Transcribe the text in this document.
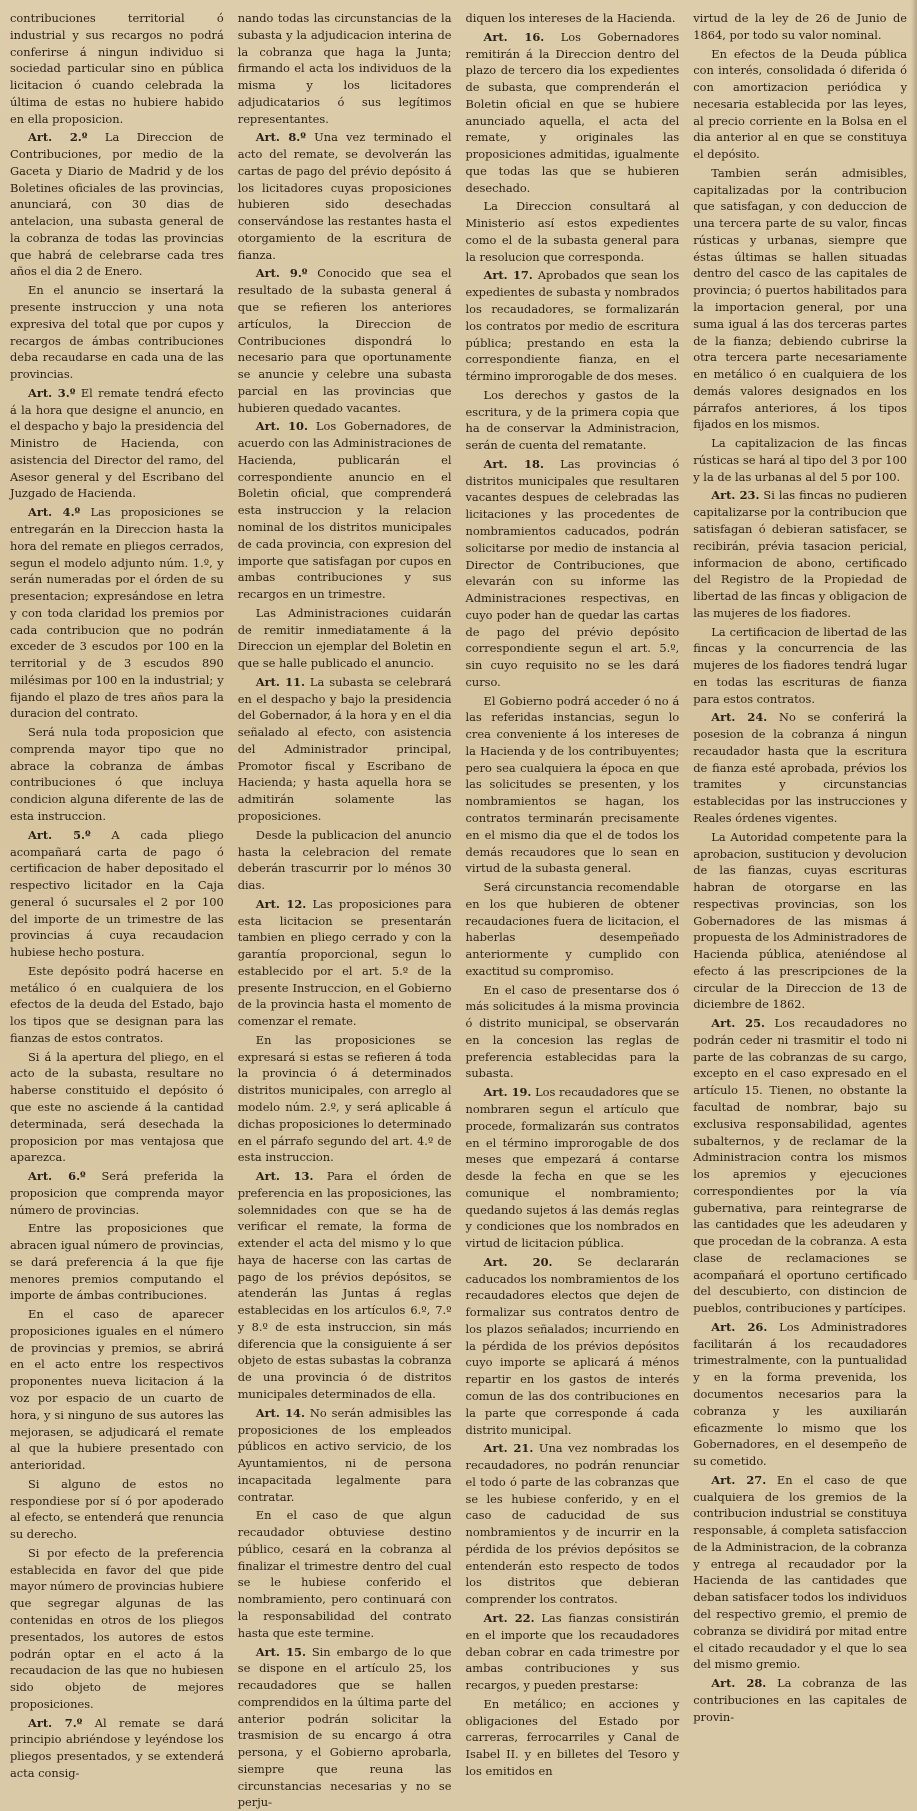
contribuciones territorial ó industrial y sus recargos no podrá conferirse á ningun individuo si sociedad particular sino en pública licitacion ó cuando celebrada la última de estas no hubiere habido en ella proposicion.

Art. 2.º La Direccion de Contribuciones, por medio de la Gaceta y Diario de Madrid y de los Boletines oficiales de las provincias, anunciará, con 30 dias de antelacion, una subasta general de la cobranza de todas las provincias que habrá de celebrarse cada tres años el dia 2 de Enero.

En el anuncio se insertará la presente instruccion y una nota expresiva del total que por cupos y recargos de ámbas contribuciones deba recaudarse en cada una de las provincias.

Art. 3.º El remate tendrá efecto á la hora que designe el anuncio, en el despacho y bajo la presidencia del Ministro de Hacienda, con asistencia del Director del ramo, del Asesor general y del Escribano del Juzgado de Hacienda.

Art. 4.º Las proposiciones se entregarán en la Direccion hasta la hora del remate en pliegos cerrados, segun el modelo adjunto núm. 1.º, y serán numeradas por el órden de su presentacion; expresándose en letra y con toda claridad los premios por cada contribucion que no podrán exceder de 3 escudos por 100 en la territorial y de 3 escudos 890 milésimas por 100 en la industrial; y fijando el plazo de tres años para la duracion del contrato.

Será nula toda proposicion que comprenda mayor tipo que no abrace la cobranza de ámbas contribuciones ó que incluya condicion alguna diferente de las de esta instruccion.

Art. 5.º A cada pliego acompañará carta de pago ó certificacion de haber depositado el respectivo licitador en la Caja general ó sucursales el 2 por 100 del importe de un trimestre de las provincias á cuya recaudacion hubiese hecho postura.

Este depósito podrá hacerse en metálico ó en cualquiera de los efectos de la deuda del Estado, bajo los tipos que se designan para las fianzas de estos contratos.

Si á la apertura del pliego, en el acto de la subasta, resultare no haberse constituido el depósito ó que este no asciende á la cantidad determinada, será desechada la proposicion por mas ventajosa que aparezca.

Art. 6.º Será preferida la proposicion que comprenda mayor número de provincias.

Entre las proposiciones que abracen igual número de provincias, se dará preferencia á la que fije menores premios computando el importe de ámbas contribuciones.

En el caso de aparecer proposiciones iguales en el número de provincias y premios, se abrirá en el acto entre los respectivos proponentes nueva licitacion á la voz por espacio de un cuarto de hora, y si ninguno de sus autores las mejorasen, se adjudicará el remate al que la hubiere presentado con anterioridad.

Si alguno de estos no respondiese por sí ó por apoderado al efecto, se entenderá que renuncia su derecho.

Si por efecto de la preferencia establecida en favor del que pide mayor número de provincias hubiere que segregar algunas de las contenidas en otros de los pliegos presentados, los autores de estos podrán optar en el acto á la recaudacion de las que no hubiesen sido objeto de mejores proposiciones.

Art. 7.º Al remate se dará principio abriéndose y leyéndose los pliegos presentados, y se extenderá acta consig-

nando todas las circunstancias de la subasta y la adjudicacion interina de la cobranza que haga la Junta; firmando el acta los individuos de la misma y los licitadores adjudicatarios ó sus legítimos representantes.

Art. 8.º Una vez terminado el acto del remate, se devolverán las cartas de pago del prévio depósito á los licitadores cuyas proposiciones hubieren sido desechadas conservándose las restantes hasta el otorgamiento de la escritura de fianza.

Art. 9.º Conocido que sea el resultado de la subasta general á que se refieren los anteriores artículos, la Direccion de Contribuciones dispondrá lo necesario para que oportunamente se anuncie y celebre una subasta parcial en las provincias que hubieren quedado vacantes.

Art. 10. Los Gobernadores, de acuerdo con las Administraciones de Hacienda, publicarán el correspondiente anuncio en el Boletin oficial, que comprenderá esta instruccion y la relacion nominal de los distritos municipales de cada provincia, con expresion del importe que satisfagan por cupos en ambas contribuciones y sus recargos en un trimestre.

Las Administraciones cuidarán de remitir inmediatamente á la Direccion un ejemplar del Boletin en que se halle publicado el anuncio.

Art. 11. La subasta se celebrará en el despacho y bajo la presidencia del Gobernador, á la hora y en el dia señalado al efecto, con asistencia del Administrador principal, Promotor fiscal y Escribano de Hacienda; y hasta aquella hora se admitirán solamente las proposiciones.

Desde la publicacion del anuncio hasta la celebracion del remate deberán trascurrir por lo ménos 30 dias.

Art. 12. Las proposiciones para esta licitacion se presentarán tambien en pliego cerrado y con la garantía proporcional, segun lo establecido por el art. 5.º de la presente Instruccion, en el Gobierno de la provincia hasta el momento de comenzar el remate.

En las proposiciones se expresará si estas se refieren á toda la provincia ó á determinados distritos municipales, con arreglo al modelo núm. 2.º, y será aplicable á dichas proposiciones lo determinado en el párrafo segundo del art. 4.º de esta instruccion.

Art. 13. Para el órden de preferencia en las proposiciones, las solemnidades con que se ha de verificar el remate, la forma de extender el acta del mismo y lo que haya de hacerse con las cartas de pago de los prévios depósitos, se atenderán las Juntas á reglas establecidas en los artículos 6.º, 7.º y 8.º de esta instruccion, sin más diferencia que la consiguiente á ser objeto de estas subastas la cobranza de una provincia ó de distritos municipales determinados de ella.

Art. 14. No serán admisibles las proposiciones de los empleados públicos en activo servicio, de los Ayuntamientos, ni de persona incapacitada legalmente para contratar.

En el caso de que algun recaudador obtuviese destino público, cesará en la cobranza al finalizar el trimestre dentro del cual se le hubiese conferido el nombramiento, pero continuará con la responsabilidad del contrato hasta que este termine.

Art. 15. Sin embargo de lo que se dispone en el artículo 25, los recaudadores que se hallen comprendidos en la última parte del anterior podrán solicitar la trasmision de su encargo á otra persona, y el Gobierno aprobarla, siempre que reuna las circunstancias necesarias y no se perju-

diquen los intereses de la Hacienda.

Art. 16. Los Gobernadores remitirán á la Direccion dentro del plazo de tercero dia los expedientes de subasta, que comprenderán el Boletin oficial en que se hubiere anunciado aquella, el acta del remate, y originales las proposiciones admitidas, igualmente que todas las que se hubieren desechado.

La Direccion consultará al Ministerio así estos expedientes como el de la subasta general para la resolucion que corresponda.

Art. 17. Aprobados que sean los expedientes de subasta y nombrados los recaudadores, se formalizarán los contratos por medio de escritura pública; prestando en esta la correspondiente fianza, en el término improrogable de dos meses.

Los derechos y gastos de la escritura, y de la primera copia que ha de conservar la Administracion, serán de cuenta del rematante.

Art. 18. Las provincias ó distritos municipales que resultaren vacantes despues de celebradas las licitaciones y las procedentes de nombramientos caducados, podrán solicitarse por medio de instancia al Director de Contribuciones, que elevarán con su informe las Administraciones respectivas, en cuyo poder han de quedar las cartas de pago del prévio depósito correspondiente segun el art. 5.º, sin cuyo requisito no se les dará curso.

El Gobierno podrá acceder ó no á las referidas instancias, segun lo crea conveniente á los intereses de la Hacienda y de los contribuyentes; pero sea cualquiera la época en que las solicitudes se presenten, y los nombramientos se hagan, los contratos terminarán precisamente en el mismo dia que el de todos los demás recaudores que lo sean en virtud de la subasta general.

Será circunstancia recomendable en los que hubieren de obtener recaudaciones fuera de licitacion, el haberlas desempeñado anteriormente y cumplido con exactitud su compromiso.

En el caso de presentarse dos ó más solicitudes á la misma provincia ó distrito municipal, se observarán en la concesion las reglas de preferencia establecidas para la subasta.

Art. 19. Los recaudadores que se nombraren segun el artículo que procede, formalizarán sus contratos en el término improrogable de dos meses que empezará á contarse desde la fecha en que se les comunique el nombramiento; quedando sujetos á las demás reglas y condiciones que los nombrados en virtud de licitacion pública.

Art. 20. Se declararán caducados los nombramientos de los recaudadores electos que dejen de formalizar sus contratos dentro de los plazos señalados; incurriendo en la pérdida de los prévios depósitos cuyo importe se aplicará á ménos repartir en los gastos de interés comun de las dos contribuciones en la parte que corresponde á cada distrito municipal.

Art. 21. Una vez nombradas los recaudadores, no podrán renunciar el todo ó parte de las cobranzas que se les hubiese conferido, y en el caso de caducidad de sus nombramientos y de incurrir en la pérdida de los prévios depósitos se entenderán esto respecto de todos los distritos que debieran comprender los contratos.

Art. 22. Las fianzas consistirán en el importe que los recaudadores deban cobrar en cada trimestre por ambas contribuciones y sus recargos, y pueden prestarse:

En metálico; en acciones y obligaciones del Estado por carreras, ferrocarriles y Canal de Isabel II. y en billetes del Tesoro y los emitidos en

virtud de la ley de 26 de Junio de 1864, por todo su valor nominal.

En efectos de la Deuda pública con interés, consolidada ó diferida ó con amortizacion periódica y necesaria establecida por las leyes, al precio corriente en la Bolsa en el dia anterior al en que se constituya el depósito.

Tambien serán admisibles, capitalizadas por la contribucion que satisfagan, y con deduccion de una tercera parte de su valor, fincas rústicas y urbanas, siempre que éstas últimas se hallen situadas dentro del casco de las capitales de provincia; ó puertos habilitados para la importacion general, por una suma igual á las dos terceras partes de la fianza; debiendo cubrirse la otra tercera parte necesariamente en metálico ó en cualquiera de los demás valores designados en los párrafos anteriores, á los tipos fijados en los mismos.

La capitalizacion de las fincas rústicas se hará al tipo del 3 por 100 y la de las urbanas al del 5 por 100.

Art. 23. Si las fincas no pudieren capitalizarse por la contribucion que satisfagan ó debieran satisfacer, se recibirán, prévia tasacion pericial, informacion de abono, certificado del Registro de la Propiedad de libertad de las fincas y obligacion de las mujeres de los fiadores.

La certificacion de libertad de las fincas y la concurrencia de las mujeres de los fiadores tendrá lugar en todas las escrituras de fianza para estos contratos.

Art. 24. No se conferirá la posesion de la cobranza á ningun recaudador hasta que la escritura de fianza esté aprobada, prévios los tramites y circunstancias establecidas por las instrucciones y Reales órdenes vigentes.

La Autoridad competente para la aprobacion, sustitucion y devolucion de las fianzas, cuyas escrituras habran de otorgarse en las respectivas provincias, son los Gobernadores de las mismas á propuesta de los Administradores de Hacienda pública, ateniéndose al efecto á las prescripciones de la circular de la Direccion de 13 de diciembre de 1862.

Art. 25. Los recaudadores no podrán ceder ni trasmitir el todo ni parte de las cobranzas de su cargo, excepto en el caso expresado en el artículo 15. Tienen, no obstante la facultad de nombrar, bajo su exclusiva responsabilidad, agentes subalternos, y de reclamar de la Administracion contra los mismos los apremios y ejecuciones correspondientes por la vía gubernativa, para reintegrarse de las cantidades que les adeudaren y que procedan de la cobranza. A esta clase de reclamaciones se acompañará el oportuno certificado del descubierto, con distincion de pueblos, contribuciones y partícipes.

Art. 26. Los Administradores facilitarán á los recaudadores trimestralmente, con la puntualidad y en la forma prevenida, los documentos necesarios para la cobranza y les auxiliarán eficazmente lo mismo que los Gobernadores, en el desempeño de su cometido.

Art. 27. En el caso de que cualquiera de los gremios de la contribucion industrial se constituya responsable, á completa satisfaccion de la Administracion, de la cobranza y entrega al recaudador por la Hacienda de las cantidades que deban satisfacer todos los individuos del respectivo gremio, el premio de cobranza se dividirá por mitad entre el citado recaudador y el que lo sea del mismo gremio.

Art. 28. La cobranza de las contribuciones en las capitales de provin-
